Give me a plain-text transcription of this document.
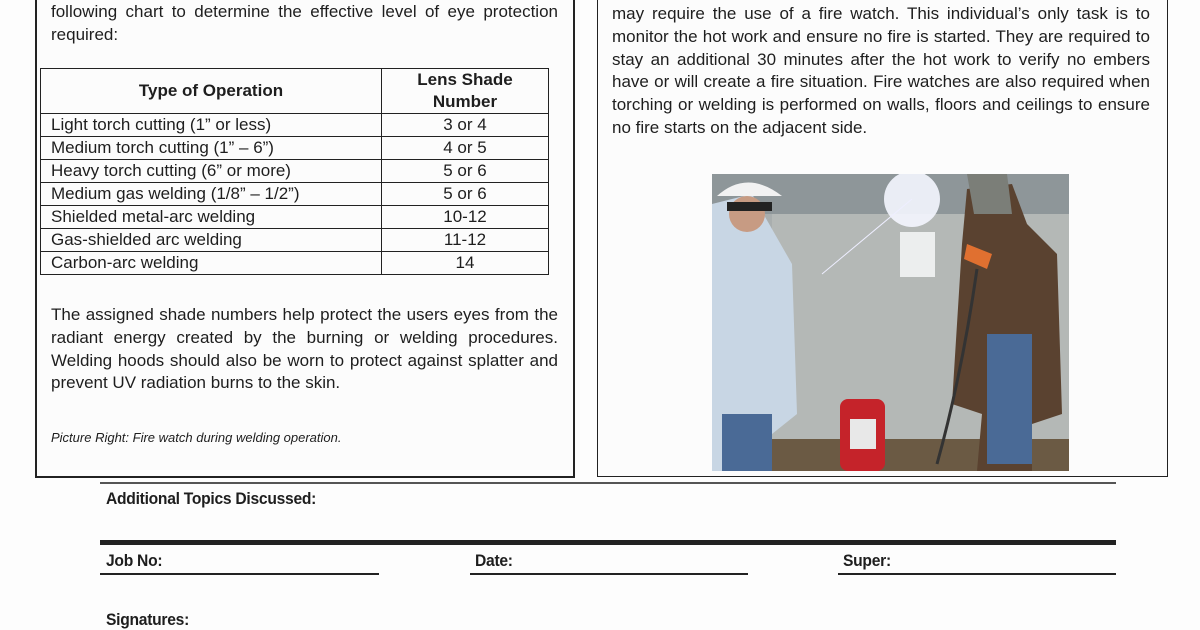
following chart to determine the effective level of eye protection required:
Type of Operation	Lens Shade Number
Light torch cutting (1” or less)	3 or 4
Medium torch cutting (1” – 6”)	4 or 5
Heavy torch cutting (6” or more)	5 or 6
Medium gas welding (1/8” – 1/2”)	5 or 6
Shielded metal-arc welding	10-12
Gas-shielded arc welding	11-12
Carbon-arc welding	14
The assigned shade numbers help protect the users eyes from the radiant energy created by the burning or welding procedures. Welding hoods should also be worn to protect against splatter and prevent UV radiation burns to the skin.
Picture Right: Fire watch during welding operation.
may require the use of a fire watch. This individual’s only task is to monitor the hot work and ensure no fire is started. They are required to stay an additional 30 minutes after the hot work to verify no embers have or will create a fire situation. Fire watches are also required when torching or welding is performed on walls, floors and ceilings to ensure no fire starts on the adjacent side.
Additional Topics Discussed:
Job No:	Date:	Super:
Signatures:
